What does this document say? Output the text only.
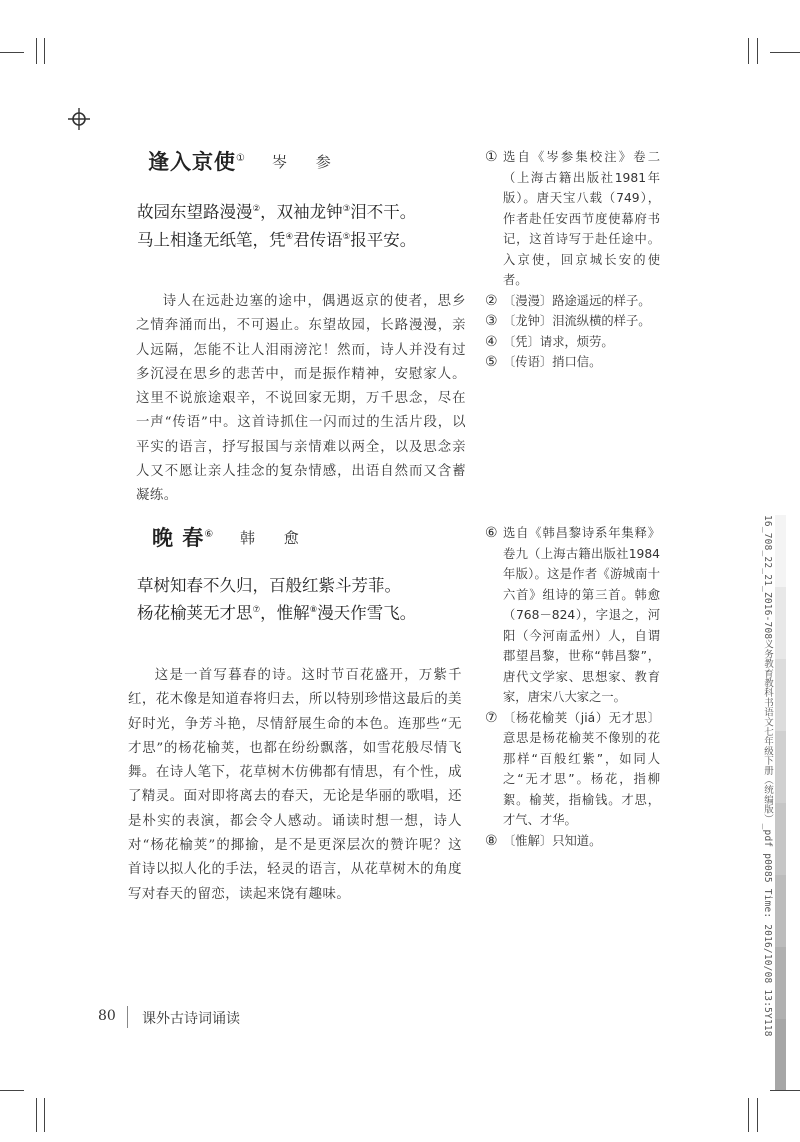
逢入京使① 岑 参
故园东望路漫漫②，双袖龙钟③泪不干。
马上相逢无纸笔，凭④君传语⑤报平安。
诗人在远赴边塞的途中，偶遇返京的使者，思乡之情奔涌而出，不可遏止。东望故园，长路漫漫，亲人远隔，怎能不让人泪雨滂沱！然而，诗人并没有过多沉浸在思乡的悲苦中，而是振作精神，安慰家人。这里不说旅途艰辛，不说回家无期，万千思念，尽在一声“传语”中。这首诗抓住一闪而过的生活片段，以平实的语言，抒写报国与亲情难以两全，以及思念亲人又不愿让亲人挂念的复杂情感，出语自然而又含蓄凝练。
① 选自《岑参集校注》卷二（上海古籍出版社1981年版）。唐天宝八载（749），作者赴任安西节度使幕府书记，这首诗写于赴任途中。入京使，回京城长安的使者。
② 〔漫漫〕路途遥远的样子。
③ 〔龙钟〕泪流纵横的样子。
④ 〔凭〕请求，烦劳。
⑤ 〔传语〕捎口信。
晚 春⑥ 韩 愈
草树知春不久归，百般红紫斗芳菲。
杨花榆荚无才思⑦，惟解⑧漫天作雪飞。
这是一首写暮春的诗。这时节百花盛开，万紫千红，花木像是知道春将归去，所以特别珍惜这最后的美好时光，争芳斗艳，尽情舒展生命的本色。连那些“无才思”的杨花榆荚，也都在纷纷飘落，如雪花般尽情飞舞。在诗人笔下，花草树木仿佛都有情思，有个性，成了精灵。面对即将离去的春天，无论是华丽的歌唱，还是朴实的表演，都会令人感动。诵读时想一想，诗人对“杨花榆荚”的揶揄，是不是更深层次的赞许呢？这首诗以拟人化的手法，轻灵的语言，从花草树木的角度写对春天的留恋，读起来饶有趣味。
⑥ 选自《韩昌黎诗系年集释》卷九（上海古籍出版社1984年版）。这是作者《游城南十六首》组诗的第三首。韩愈（768－824），字退之，河阳（今河南孟州）人，自谓郡望昌黎，世称“韩昌黎”，唐代文学家、思想家、教育家，唐宋八大家之一。
⑦ 〔杨花榆荚（jiá）无才思〕意思是杨花榆荚不像别的花那样“百般红紫”，如同人之“无才思”。杨花，指柳絮。榆荚，指榆钱。才思，才气、才华。
⑧ 〔惟解〕只知道。
80 课外古诗词诵读	16_708_22_21_Z016-708义务教育教科书语文七年级下册（统编版）_pdf p0085 Time: 2016/10/08 13:5Y118
